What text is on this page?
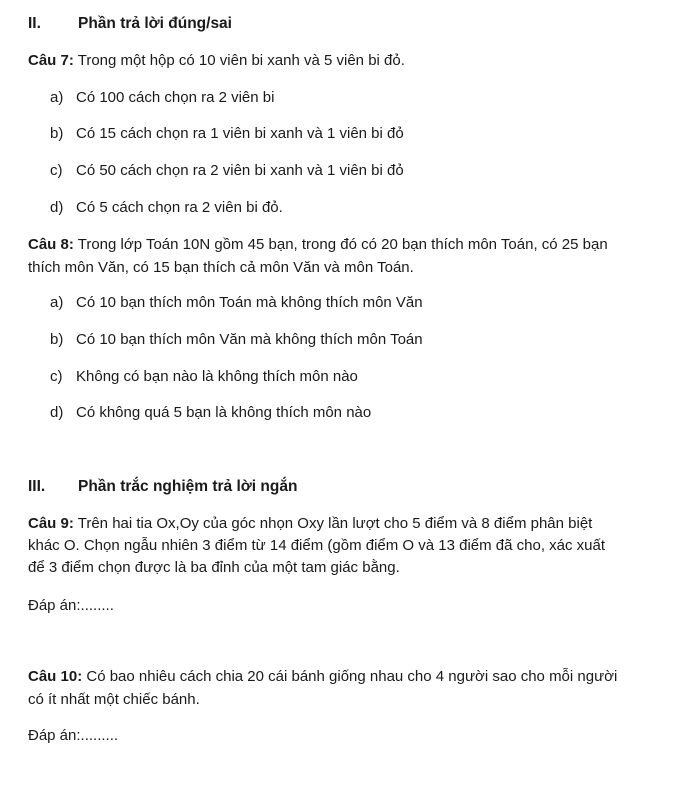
II. Phần trả lời đúng/sai
Câu 7: Trong một hộp có 10 viên bi xanh và 5 viên bi đỏ.
a) Có 100 cách chọn ra 2 viên bi
b) Có 15 cách chọn ra 1 viên bi xanh và 1 viên bi đỏ
c) Có 50 cách chọn ra 2 viên bi xanh và 1 viên bi đỏ
d) Có 5 cách chọn ra 2 viên bi đỏ.
Câu 8: Trong lớp Toán 10N gồm 45 bạn, trong đó có 20 bạn thích môn Toán, có 25 bạn
thích môn Văn, có 15 bạn thích cả môn Văn và môn Toán.
a) Có 10 bạn thích môn Toán mà không thích môn Văn
b) Có 10 bạn thích môn Văn mà không thích môn Toán
c) Không có bạn nào là không thích môn nào
d) Có không quá 5 bạn là không thích môn nào
III. Phần trắc nghiệm trả lời ngắn
Câu 9: Trên hai tia Ox,Oy của góc nhọn Oxy lần lượt cho 5 điểm và 8 điểm phân biệt
khác O. Chọn ngẫu nhiên 3 điểm từ 14 điểm (gồm điểm O và 13 điểm đã cho, xác xuất
để 3 điểm chọn được là ba đỉnh của một tam giác bằng.
Đáp án:........
Câu 10: Có bao nhiêu cách chia 20 cái bánh giống nhau cho 4 người sao cho mỗi người
có ít nhất một chiếc bánh.
Đáp án:.........
